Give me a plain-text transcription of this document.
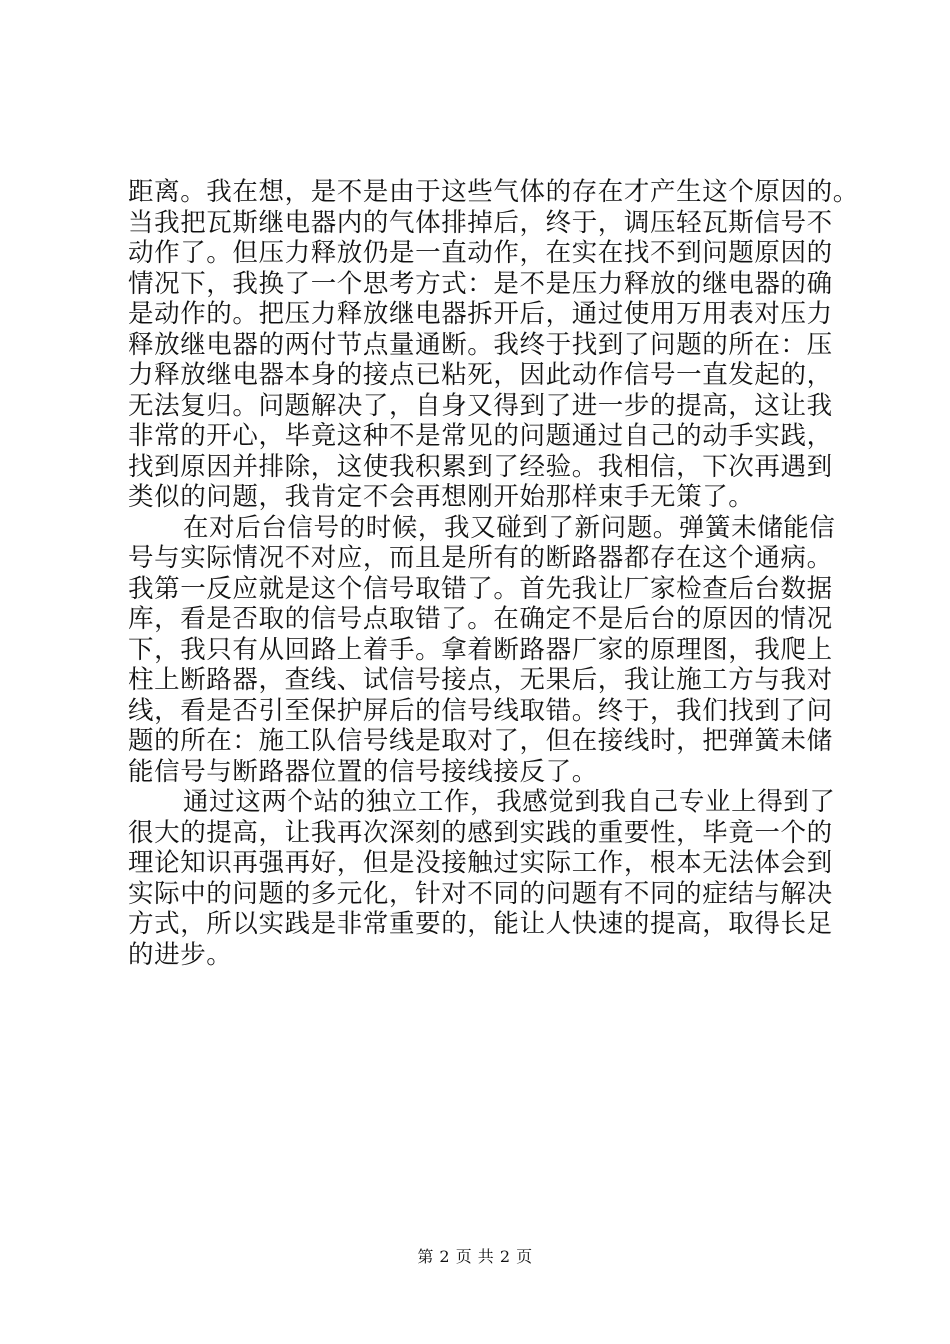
距离。我在想，是不是由于这些气体的存在才产生这个原因的。
当我把瓦斯继电器内的气体排掉后，终于，调压轻瓦斯信号不
动作了。但压力释放仍是一直动作，在实在找不到问题原因的
情况下，我换了一个思考方式：是不是压力释放的继电器的确
是动作的。把压力释放继电器拆开后，通过使用万用表对压力
释放继电器的两付节点量通断。我终于找到了问题的所在：压
力释放继电器本身的接点已粘死，因此动作信号一直发起的，
无法复归。问题解决了，自身又得到了进一步的提高，这让我
非常的开心，毕竟这种不是常见的问题通过自己的动手实践，
找到原因并排除，这使我积累到了经验。我相信，下次再遇到
类似的问题，我肯定不会再想刚开始那样束手无策了。
在对后台信号的时候，我又碰到了新问题。弹簧未储能信
号与实际情况不对应，而且是所有的断路器都存在这个通病。
我第一反应就是这个信号取错了。首先我让厂家检查后台数据
库，看是否取的信号点取错了。在确定不是后台的原因的情况
下，我只有从回路上着手。拿着断路器厂家的原理图，我爬上
柱上断路器，查线、试信号接点，无果后，我让施工方与我对
线，看是否引至保护屏后的信号线取错。终于，我们找到了问
题的所在：施工队信号线是取对了，但在接线时，把弹簧未储
能信号与断路器位置的信号接线接反了。
通过这两个站的独立工作，我感觉到我自己专业上得到了
很大的提高，让我再次深刻的感到实践的重要性，毕竟一个的
理论知识再强再好，但是没接触过实际工作，根本无法体会到
实际中的问题的多元化，针对不同的问题有不同的症结与解决
方式，所以实践是非常重要的，能让人快速的提高，取得长足
的进步。
第 2 页 共 2 页
